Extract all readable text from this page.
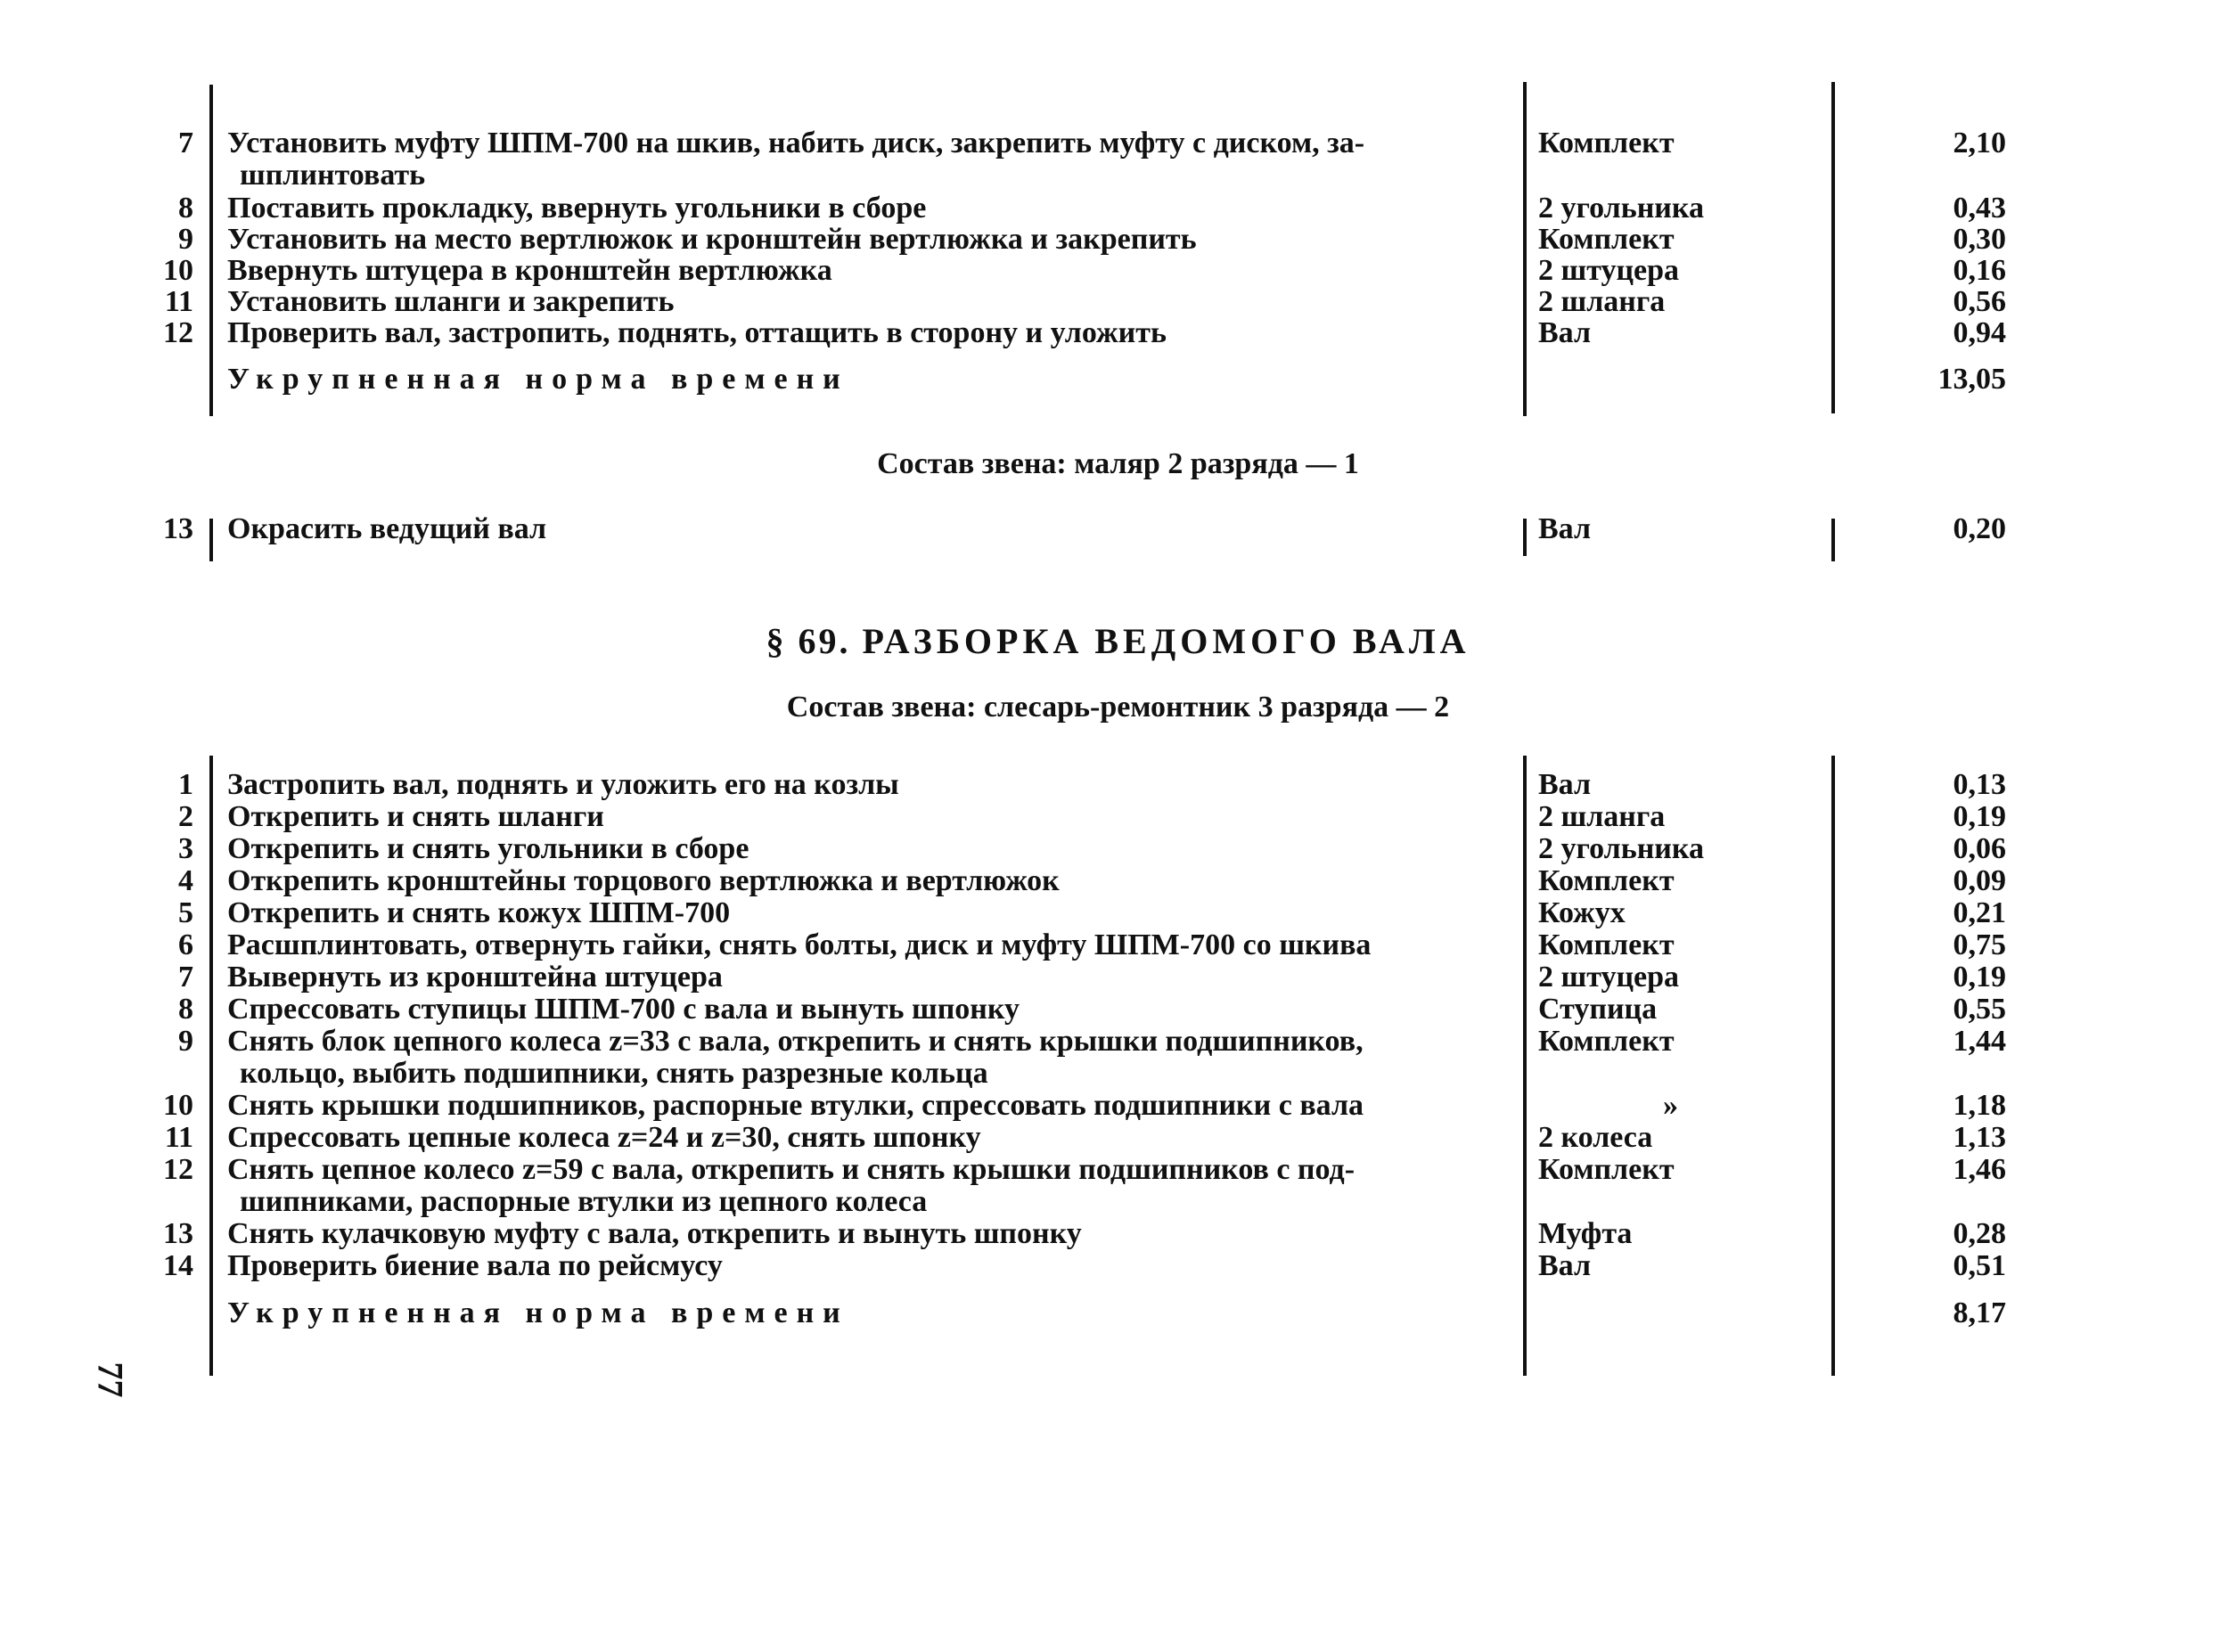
7 Установить муфту ШПМ-700 на шкив, набить диск, закрепить муфту с диском, за-
шплинтовать
Комплект	2,10
8 Поставить прокладку, ввернуть угольники в сборе	2 угольника	0,43
9 Установить на место вертлюжок и кронштейн вертлюжка и закрепить	Комплект	0,30
10 Ввернуть штуцера в кронштейн вертлюжка	2 штуцера	0,16
11 Установить шланги и закрепить	2 шланга	0,56
12 Проверить вал, застропить, поднять, оттащить в сторону и уложить	Вал	0,94
Укрупненная норма времени	13,05
Состав звена: маляр 2 разряда — 1
13 Окрасить ведущий вал	Вал	0,20
§ 69. РАЗБОРКА ВЕДОМОГО ВАЛА
Состав звена: слесарь-ремонтник 3 разряда — 2
1 Застропить вал, поднять и уложить его на козлы	Вал	0,13
2 Открепить и снять шланги	2 шланга	0,19
3 Открепить и снять угольники в сборе	2 угольника	0,06
4 Открепить кронштейны торцового вертлюжка и вертлюжок	Комплект	0,09
5 Открепить и снять кожух ШПМ-700	Кожух	0,21
6 Расшплинтовать, отвернуть гайки, снять болты, диск и муфту ШПМ-700 со шкива	Комплект	0,75
7 Вывернуть из кронштейна штуцера	2 штуцера	0,19
8 Спрессовать ступицы ШПМ-700 с вала и вынуть шпонку	Ступица	0,55
9 Снять блок цепного колеса z=33 с вала, открепить и снять крышки подшипников,
кольцо, выбить подшипники, снять разрезные кольца
Комплект	1,44
10 Снять крышки подшипников, распорные втулки, спрессовать подшипники с вала	»	1,18
11 Спрессовать цепные колеса z=24 и z=30, снять шпонку	2 колеса	1,13
12 Снять цепное колесо z=59 с вала, открепить и снять крышки подшипников с под-
шипниками, распорные втулки из цепного колеса
Комплект	1,46
13 Снять кулачковую муфту с вала, открепить и вынуть шпонку	Муфта	0,28
14 Проверить биение вала по рейсмусу	Вал	0,51
Укрупненная норма времени	8,17
77
